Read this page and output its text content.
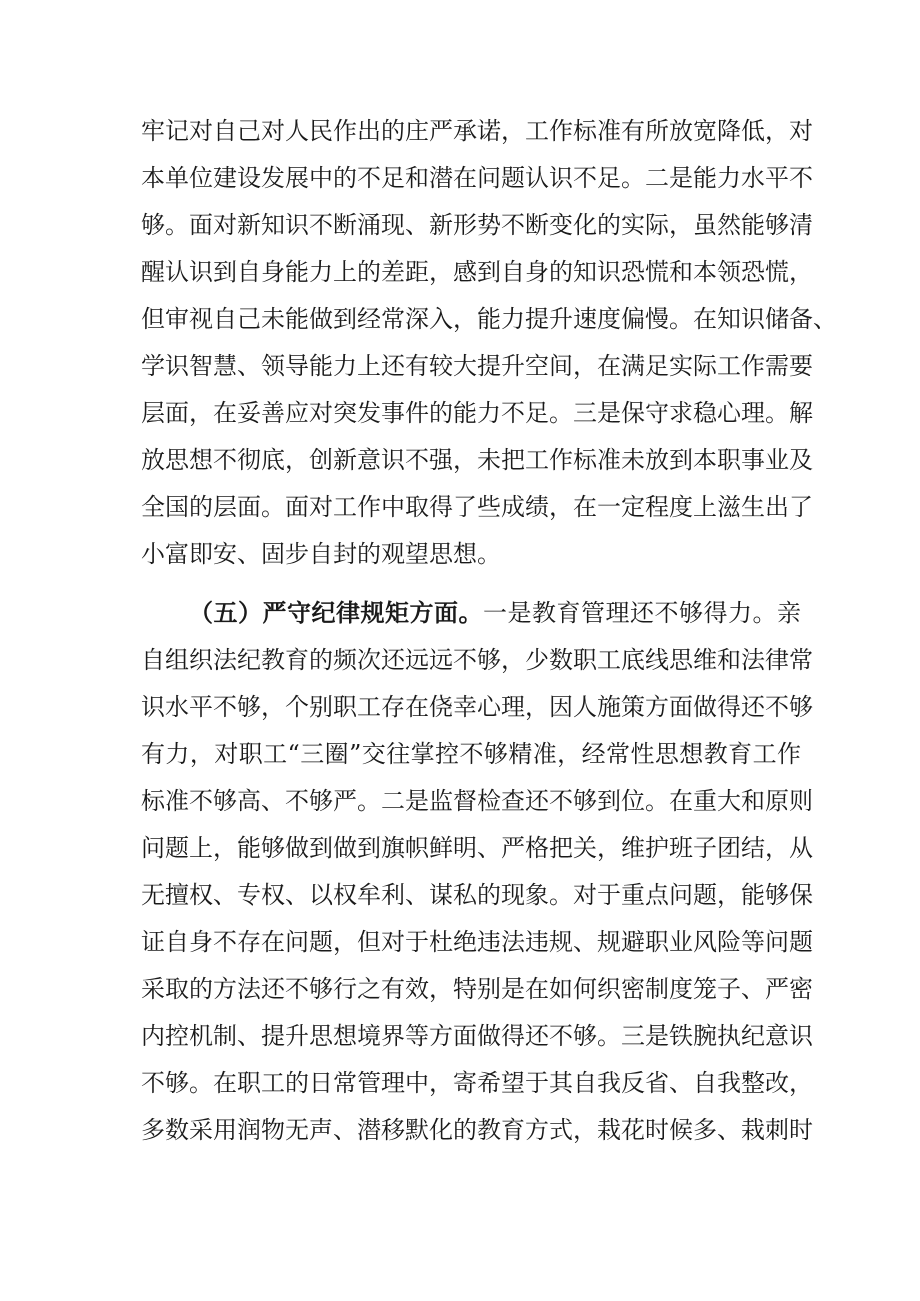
牢记对自己对人民作出的庄严承诺，工作标准有所放宽降低，对
本单位建设发展中的不足和潜在问题认识不足。二是能力水平不
够。面对新知识不断涌现、新形势不断变化的实际，虽然能够清
醒认识到自身能力上的差距，感到自身的知识恐慌和本领恐慌，
但审视自己未能做到经常深入，能力提升速度偏慢。在知识储备、
学识智慧、领导能力上还有较大提升空间，在满足实际工作需要
层面，在妥善应对突发事件的能力不足。三是保守求稳心理。解
放思想不彻底，创新意识不强，未把工作标准未放到本职事业及
全国的层面。面对工作中取得了些成绩，在一定程度上滋生出了
小富即安、固步自封的观望思想。
（五）严守纪律规矩方面。一是教育管理还不够得力。亲
自组织法纪教育的频次还远远不够，少数职工底线思维和法律常
识水平不够，个别职工存在侥幸心理，因人施策方面做得还不够
有力，对职工“三圈”交往掌控不够精准，经常性思想教育工作
标准不够高、不够严。二是监督检查还不够到位。在重大和原则
问题上，能够做到做到旗帜鲜明、严格把关，维护班子团结，从
无擅权、专权、以权牟利、谋私的现象。对于重点问题，能够保
证自身不存在问题，但对于杜绝违法违规、规避职业风险等问题
采取的方法还不够行之有效，特别是在如何织密制度笼子、严密
内控机制、提升思想境界等方面做得还不够。三是铁腕执纪意识
不够。在职工的日常管理中，寄希望于其自我反省、自我整改，
多数采用润物无声、潜移默化的教育方式，栽花时候多、栽刺时
